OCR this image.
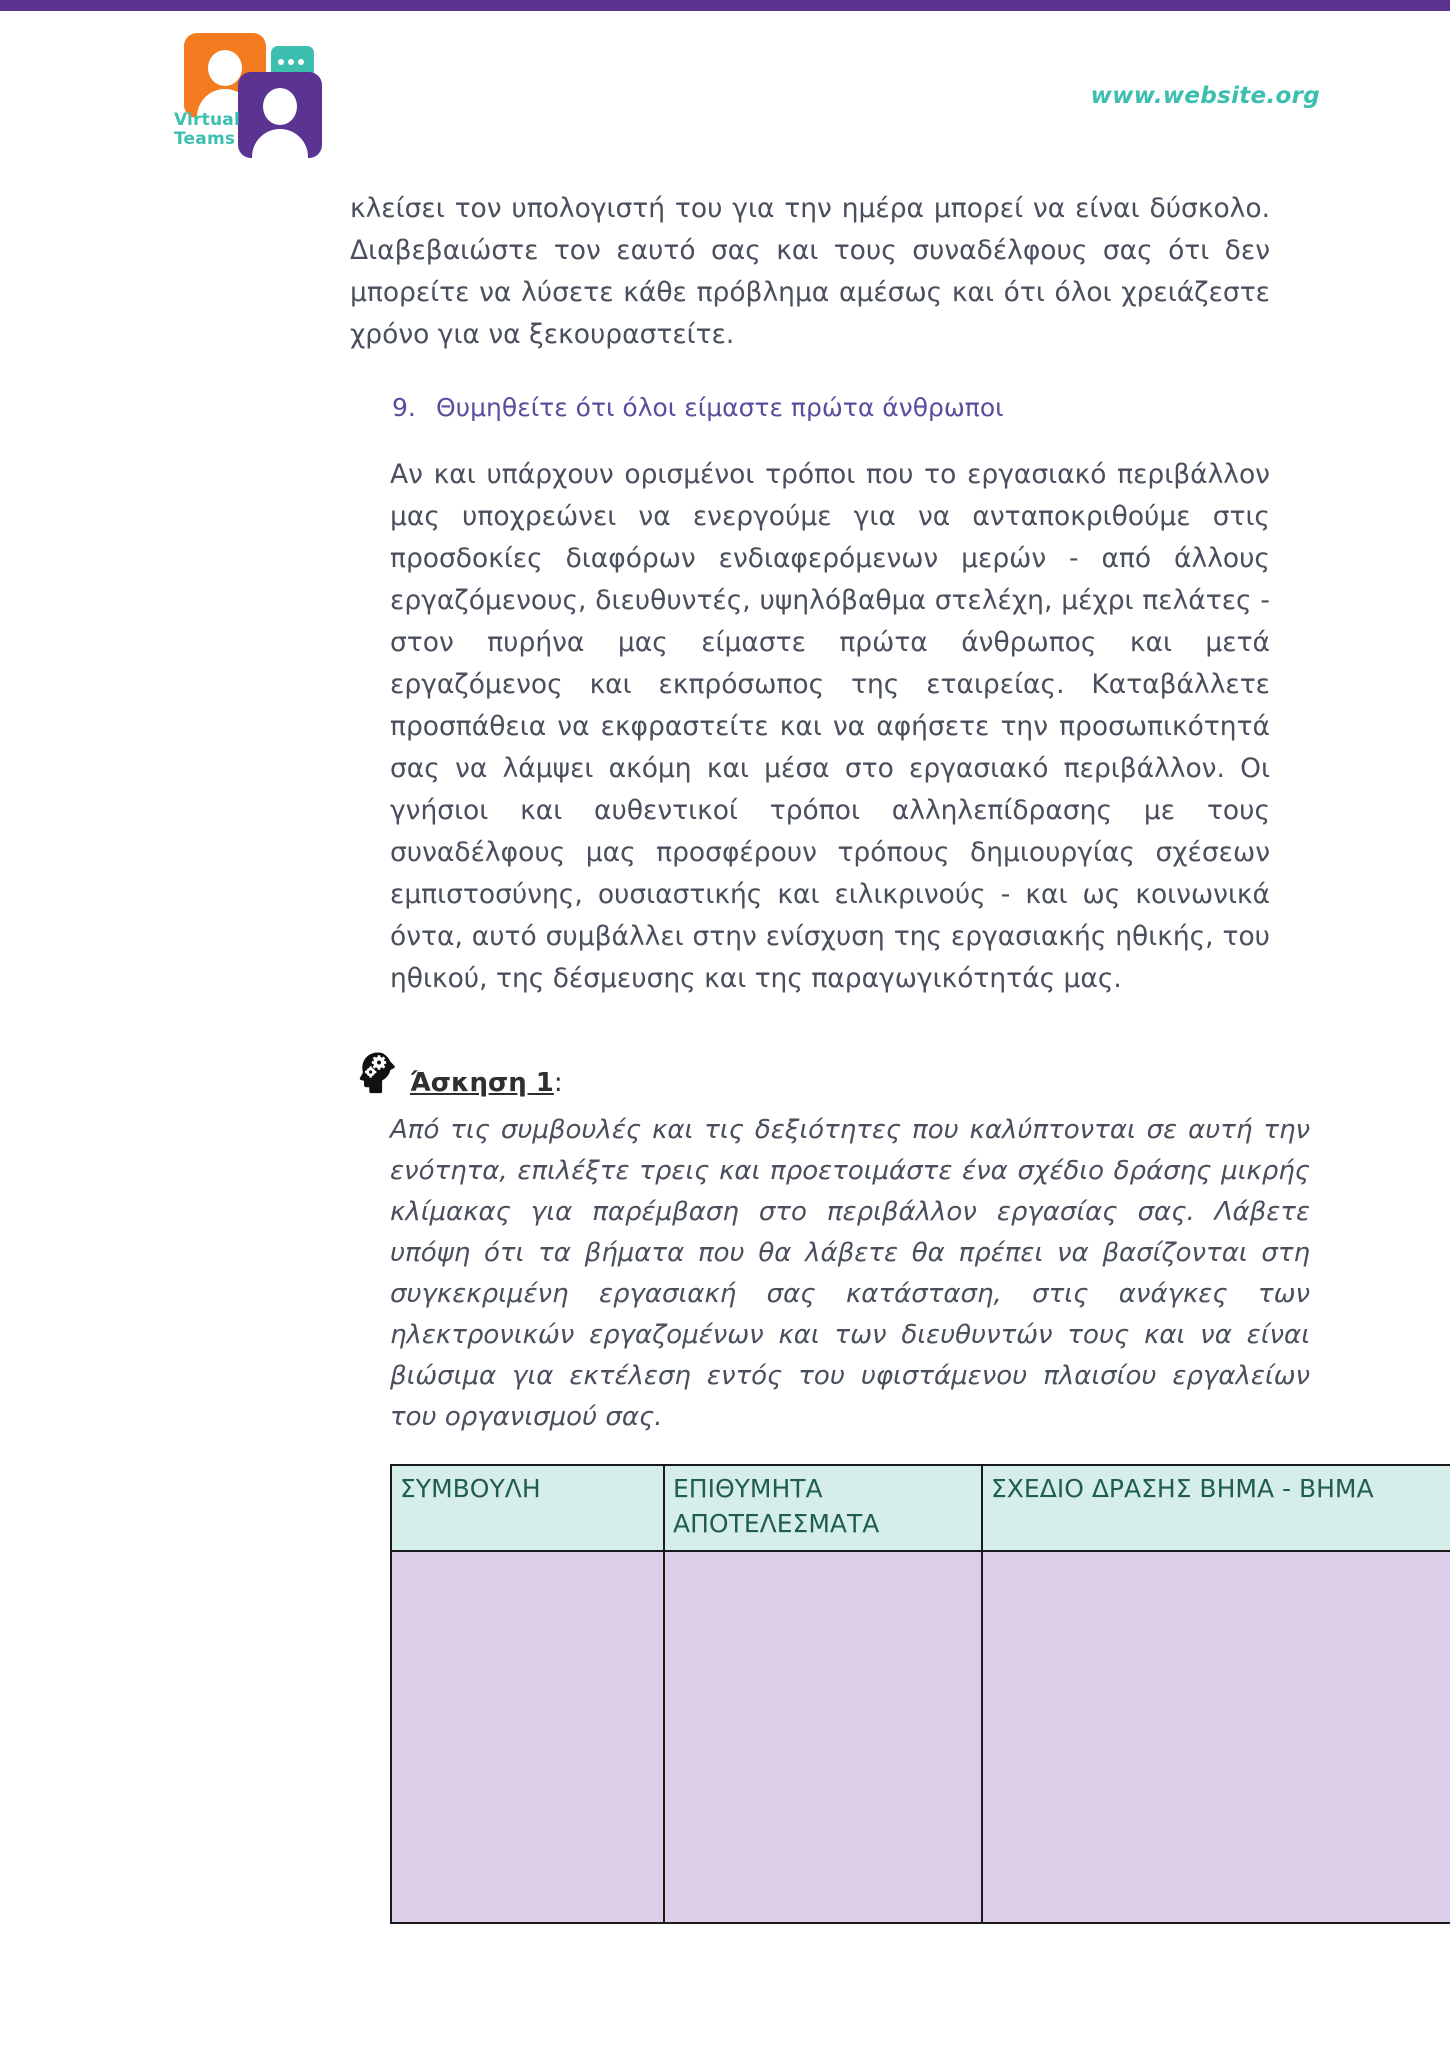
Virtual
Teams
www.website.org

κλείσει τον υπολογιστή του για την ημέρα μπορεί να είναι δύσκολο. Διαβεβαιώστε τον εαυτό σας και τους συναδέλφους σας ότι δεν μπορείτε να λύσετε κάθε πρόβλημα αμέσως και ότι όλοι χρειάζεστε χρόνο για να ξεκουραστείτε.

9. Θυμηθείτε ότι όλοι είμαστε πρώτα άνθρωποι

Αν και υπάρχουν ορισμένοι τρόποι που το εργασιακό περιβάλλον μας υποχρεώνει να ενεργούμε για να ανταποκριθούμε στις προσδοκίες διαφόρων ενδιαφερόμενων μερών - από άλλους εργαζόμενους, διευθυντές, υψηλόβαθμα στελέχη, μέχρι πελάτες - στον πυρήνα μας είμαστε πρώτα άνθρωπος και μετά εργαζόμενος και εκπρόσωπος της εταιρείας. Καταβάλλετε προσπάθεια να εκφραστείτε και να αφήσετε την προσωπικότητά σας να λάμψει ακόμη και μέσα στο εργασιακό περιβάλλον. Οι γνήσιοι και αυθεντικοί τρόποι αλληλεπίδρασης με τους συναδέλφους μας προσφέρουν τρόπους δημιουργίας σχέσεων εμπιστοσύνης, ουσιαστικής και ειλικρινούς - και ως κοινωνικά όντα, αυτό συμβάλλει στην ενίσχυση της εργασιακής ηθικής, του ηθικού, της δέσμευσης και της παραγωγικότητάς μας.

Άσκηση 1:

Από τις συμβουλές και τις δεξιότητες που καλύπτονται σε αυτή την ενότητα, επιλέξτε τρεις και προετοιμάστε ένα σχέδιο δράσης μικρής κλίμακας για παρέμβαση στο περιβάλλον εργασίας σας. Λάβετε υπόψη ότι τα βήματα που θα λάβετε θα πρέπει να βασίζονται στη συγκεκριμένη εργασιακή σας κατάσταση, στις ανάγκες των ηλεκτρονικών εργαζομένων και των διευθυντών τους και να είναι βιώσιμα για εκτέλεση εντός του υφιστάμενου πλαισίου εργαλείων του οργανισμού σας.

ΣΥΜΒΟΥΛΗ	ΕΠΙΘΥΜΗΤΑ ΑΠΟΤΕΛΕΣΜΑΤΑ	ΣΧΕΔΙΟ ΔΡΑΣΗΣ ΒΗΜΑ - ΒΗΜΑ
